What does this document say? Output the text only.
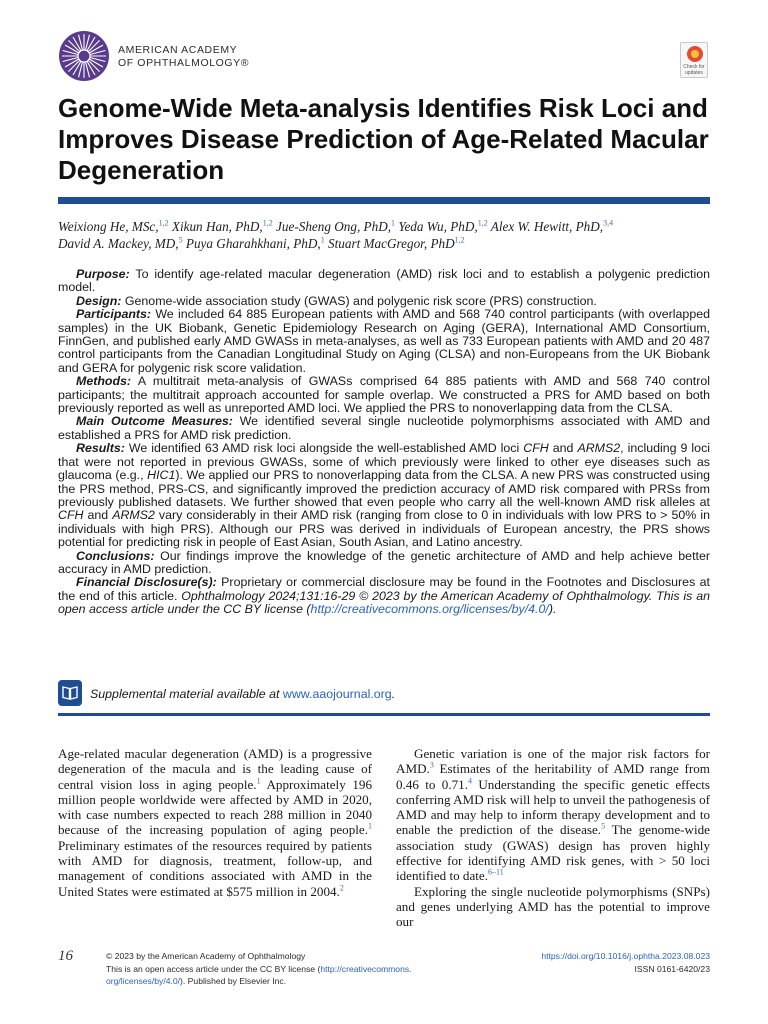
AMERICAN ACADEMY
OF OPHTHALMOLOGY®	Check for updates
Genome-Wide Meta-analysis Identifies Risk Loci and Improves Disease Prediction of Age-Related Macular Degeneration
Weixiong He, MSc,$^{1,2}$ Xikun Han, PhD,$^{1,2}$ Jue-Sheng Ong, PhD,$^1$ Yeda Wu, PhD,$^{1,2}$ Alex W. Hewitt, PhD,$^{3,4}$
David A. Mackey, MD,$^5$ Puya Gharahkhani, PhD,$^1$ Stuart MacGregor, PhD$^{1,2}$

Purpose: To identify age-related macular degeneration (AMD) risk loci and to establish a polygenic prediction model.

Design: Genome-wide association study (GWAS) and polygenic risk score (PRS) construction.

Participants: We included 64 885 European patients with AMD and 568 740 control participants (with overlapped samples) in the UK Biobank, Genetic Epidemiology Research on Aging (GERA), International AMD Consortium, FinnGen, and published early AMD GWASs in meta-analyses, as well as 733 European patients with AMD and 20 487 control participants from the Canadian Longitudinal Study on Aging (CLSA) and non-Europeans from the UK Biobank and GERA for polygenic risk score validation.

Methods: A multitrait meta-analysis of GWASs comprised 64 885 patients with AMD and 568 740 control participants; the multitrait approach accounted for sample overlap. We constructed a PRS for AMD based on both previously reported as well as unreported AMD loci. We applied the PRS to nonoverlapping data from the CLSA.

Main Outcome Measures: We identified several single nucleotide polymorphisms associated with AMD and established a PRS for AMD risk prediction.

Results: We identified 63 AMD risk loci alongside the well-established AMD loci CFH and ARMS2, including 9 loci that were not reported in previous GWASs, some of which previously were linked to other eye diseases such as glaucoma (e.g., HIC1). We applied our PRS to nonoverlapping data from the CLSA. A new PRS was constructed using the PRS method, PRS-CS, and significantly improved the prediction accuracy of AMD risk compared with PRSs from previously published datasets. We further showed that even people who carry all the well-known AMD risk alleles at CFH and ARMS2 vary considerably in their AMD risk (ranging from close to 0 in individuals with low PRS to > 50% in individuals with high PRS). Although our PRS was derived in individuals of European ancestry, the PRS shows potential for predicting risk in people of East Asian, South Asian, and Latino ancestry.

Conclusions: Our findings improve the knowledge of the genetic architecture of AMD and help achieve better accuracy in AMD prediction.

Financial Disclosure(s): Proprietary or commercial disclosure may be found in the Footnotes and Disclosures at the end of this article. Ophthalmology 2024;131:16-29 © 2023 by the American Academy of Ophthalmology. This is an open access article under the CC BY license (http://creativecommons.org/licenses/by/4.0/).

Supplemental material available at www.aaojournal.org.

Age-related macular degeneration (AMD) is a progressive degeneration of the macula and is the leading cause of central vision loss in aging people.$^1$ Approximately 196 million people worldwide were affected by AMD in 2020, with case numbers expected to reach 288 million in 2040 because of the increasing population of aging people.$^1$ Preliminary estimates of the resources required by patients with AMD for diagnosis, treatment, follow-up, and management of conditions associated with AMD in the United States were estimated at $575 million in 2004.$^2$

Genetic variation is one of the major risk factors for AMD.$^3$ Estimates of the heritability of AMD range from 0.46 to 0.71.$^4$ Understanding the specific genetic effects conferring AMD risk will help to unveil the pathogenesis of AMD and may help to inform therapy development and to enable the prediction of the disease.$^5$ The genome-wide association study (GWAS) design has proven highly effective for identifying AMD risk genes, with > 50 loci identified to date.$^{6-11}$

Exploring the single nucleotide polymorphisms (SNPs) and genes underlying AMD has the potential to improve our

16	© 2023 by the American Academy of Ophthalmology
This is an open access article under the CC BY license (http://creativecommons.
org/licenses/by/4.0/). Published by Elsevier Inc.
https://doi.org/10.1016/j.ophtha.2023.08.023
ISSN 0161-6420/23
